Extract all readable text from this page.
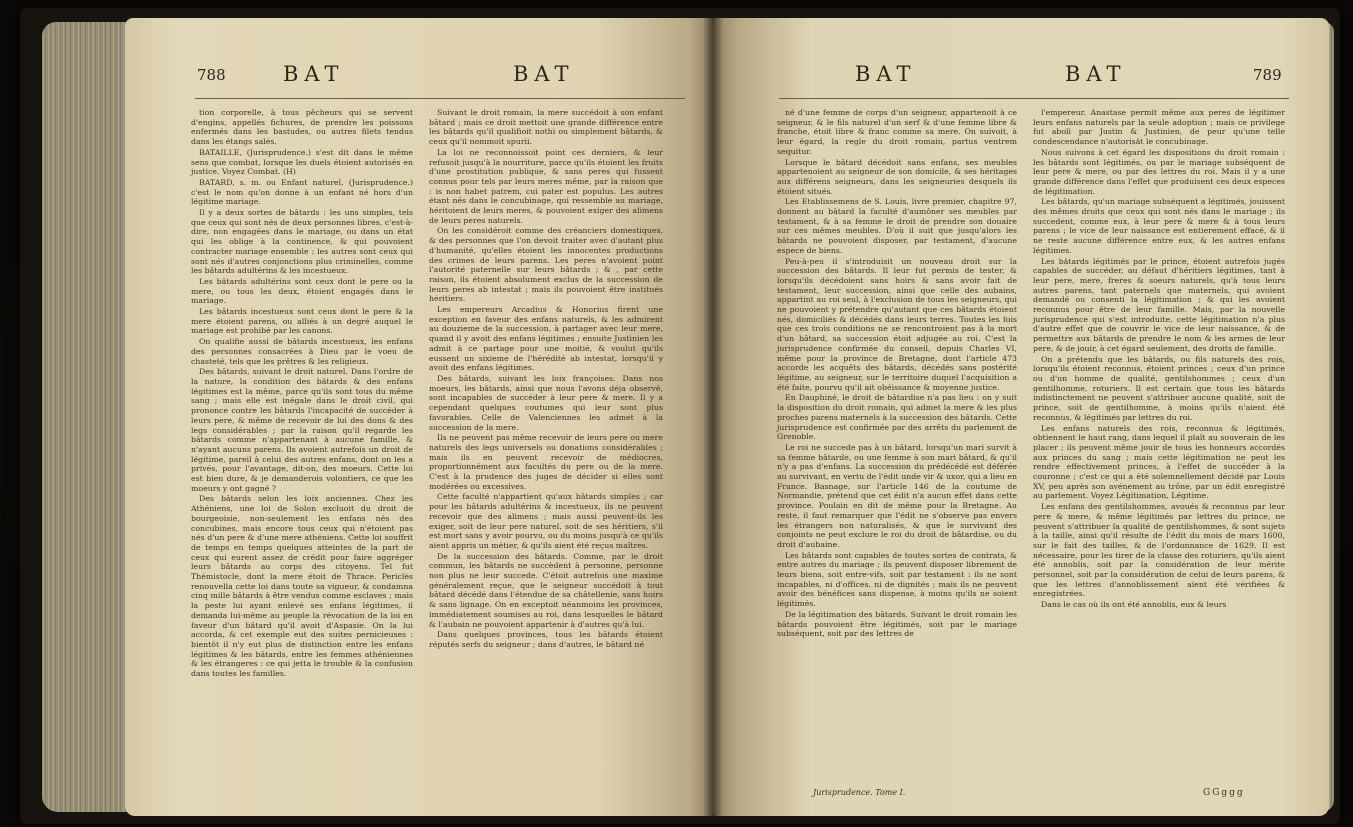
788	BAT	BAT

tion corporelle, à tous pêcheurs qui se servent d'engins, appellés fichures, de prendre les poissons enfermés dans les bastudes, ou autres filets tendus dans les étangs salés.

BATAILLE, (Jurisprudence.) s'est dit dans le même sens que combat, lorsque les duels étoient autorisés en justice. Voyez Combat. (H)

BATARD, s. m. ou Enfant naturel, (Jurisprudence.) c'est le nom qu'on donne à un enfant né hors d'un légitime mariage.

Il y a deux sortes de bâtards : les uns simples, tels que ceux qui sont nés de deux personnes libres, c'est-à-dire, non engagées dans le mariage, ou dans un état qui les oblige à la continence, & qui pouvoient contracter mariage ensemble : les autres sont ceux qui sont nés d'autres conjonctions plus criminelles, comme les bâtards adultérins & les incestueux.

Les bâtards adultérins sont ceux dont le pere ou la mere, ou tous les deux, étoient engagés dans le mariage.

Les bâtards incestueux sont ceux dont le pere & la mere étoient parens, ou alliés à un degré auquel le mariage est prohibé par les canons.

On qualifie aussi de bâtards incestueux, les enfans des personnes consacrées à Dieu par le voeu de chasteté, tels que les prêtres & les religieux.

Des bâtards, suivant le droit naturel. Dans l'ordre de la nature, la condition des bâtards & des enfans légitimes est la même, parce qu'ils sont tous du même sang ; mais elle est inégale dans le droit civil, qui prononce contre les bâtards l'incapacité de succéder à leurs pere, & même de recevoir de lui des dons & des legs considérables ; par la raison qu'il regarde les bâtards comme n'appartenant à aucune famille, & n'ayant aucuns parens. Ils avoient autrefois un droit de légitime, pareil à celui des autres enfans, dont on les a privés, pour l'avantage, dit-on, des moeurs. Cette loi est bien dure, & je demanderois volontiers, ce que les moeurs y ont gagné ?

Des bâtards selon les loix anciennes. Chez les Athéniens, une loi de Solon excluoit du droit de bourgeoisie, non-seulement les enfans nés des concubines, mais encore tous ceux qui n'étoient pas nés d'un pere & d'une mere athéniens. Cette loi souffrit de temps en temps quelques atteintes de la part de ceux qui eurent assez de crédit pour faire aggréger leurs bâtards au corps des citoyens. Tel fut Thémistocle, dont la mere étoit de Thrace. Periclès renouvella cette loi dans toute sa vigueur, & condamna cinq mille bâtards à être vendus comme esclaves ; mais la peste lui ayant enlevé ses enfans légitimes, il demanda lui-même au peuple la révocation de la loi en faveur d'un bâtard qu'il avoit d'Aspasie. On la lui accorda, & cet exemple eut des suites pernicieuses : bientôt il n'y eut plus de distinction entre les enfans légitimes & les bâtards, entre les femmes athéniennes & les étrangeres : ce qui jetta le trouble & la confusion dans toutes les familles.

Suivant le droit romain, la mere succédoit à son enfant bâtard ; mais ce droit mettoit une grande différence entre les bâtards qu'il qualifioit nothi ou simplement bâtards, & ceux qu'il nommoit spurii.

La loi ne reconnoissoit point ces derniers, & leur refusoit jusqu'à la nourriture, parce qu'ils étoient les fruits d'une prostitution publique, & sans peres qui fussent connus pour tels par leurs meres même, par la raison que : is non habet patrem, cui pater est populus. Les autres étant nés dans le concubinage, qui ressemble au mariage, héritoient de leurs meres, & pouvoient exiger des alimens de leurs peres naturels.

On les considéroit comme des créanciers domestiques, & des personnes que l'on devoit traiter avec d'autant plus d'humanité, qu'elles étoient les innocentes productions des crimes de leurs parens. Les peres n'avoient point l'autorité paternelle sur leurs bâtards ; & , par cette raison, ils étoient absolument exclus de la succession de leurs peres ab intestat ; mais ils pouvoient être institués héritiers.

Les empereurs Arcadius & Honorius firent une exception en faveur des enfans naturels, & les admirent au douzieme de la succession, à partager avec leur mere, quand il y avoit des enfans légitimes ; ensuite Justinien les admit à ce partage pour une moitié, & voulut qu'ils eussent un sixieme de l'hérédité ab intestat, lorsqu'il y avoit des enfans légitimes.

Des bâtards, suivant les loix françoises. Dans nos moeurs, les bâtards, ainsi que nous l'avons déja observé, sont incapables de succéder à leur pere & mere. Il y a cependant quelques coutumes qui leur sont plus favorables. Celle de Valenciennes les admet à la succession de la mere.

Ils ne peuvent pas même recevoir de leurs pere ou mere naturels des legs universels ou donations considérables ; mais ils en peuvent recevoir de médiocres, proportionnément aux facultés du pere ou de la mere. C'est à la prudence des juges de décider si elles sont modérées ou excessives.

Cette faculté n'appartient qu'aux bâtards simples ; car pour les bâtards adultérins & incestueux, ils ne peuvent recevoir que des alimens ; mais aussi peuvent-ils les exiger, soit de leur pere naturel, soit de ses héritiers, s'il est mort sans y avoir pourvu, ou du moins jusqu'à ce qu'ils aient appris un métier, & qu'ils aient été reçus maîtres.

De la succession des bâtards. Comme, par le droit commun, les bâtards ne succèdent à personne, personne non plus ne leur succede. C'étoit autrefois une maxime généralement reçue, que le seigneur succédoit à tout bâtard décédé dans l'étendue de sa châtellenie, sans hoirs & sans lignage. On en exceptoit néanmoins les provinces, immédiatement soumises au roi, dans lesquelles le bâtard & l'aubain ne pouvoient appartenir à d'autres qu'à lui.

Dans quelques provinces, tous les bâtards étoient réputés serfs du seigneur ; dans d'autres, le bâtard né

BAT	BAT	789

né d'une femme de corps d'un seigneur, appartenoit à ce seigneur, & le fils naturel d'un serf & d'une femme libre & franche, étoit libre & franc comme sa mere. On suivoit, à leur égard, la regle du droit romain, partus ventrem sequitur.

Lorsque le bâtard décédoit sans enfans, ses meubles appartenoient au seigneur de son domicile, & ses héritages aux différens seigneurs, dans les seigneuries desquels ils étoient situés.

Les Etablissemens de S. Louis, livre premier, chapitre 97, donnent au bâtard la faculté d'aumôner ses meubles par testament, & à sa femme le droit de prendre son douaire sur ces mêmes meubles. D'où il suit que jusqu'alors les bâtards ne pouvoient disposer, par testament, d'aucune espece de biens.

Peu-à-peu il s'introduisit un nouveau droit sur la succession des bâtards. Il leur fut permis de tester, & lorsqu'ils décédoient sans hoirs & sans avoir fait de testament, leur succession, ainsi que celle des aubains, appartint au roi seul, à l'exclusion de tous les seigneurs, qui ne pouvoient y prétendre qu'autant que ces bâtards étoient nés, domiciliés & décédés dans leurs terres. Toutes les fois que ces trois conditions ne se rencontroient pas à la mort d'un bâtard, sa succession étoit adjugée au roi. C'est la jurisprudence confirmée du conseil, depuis Charles VI, même pour la province de Bretagne, dont l'article 473 accorde les acquêts des bâtards, décédés sans postérité légitime, au seigneur, sur le territoire duquel l'acquisition a été faite, pourvu qu'il ait obéissance & moyenne justice.

En Dauphiné, le droit de bâtardise n'a pas lieu : on y suit la disposition du droit romain, qui admet la mere & les plus proches parens maternels à la succession des bâtards. Cette jurisprudence est confirmée par des arrêts du parlement de Grenoble.

Le roi ne succede pas à un bâtard, lorsqu'un mari survit à sa femme bâtarde, ou une femme à son mari bâtard, & qu'il n'y a pas d'enfans. La succession du prédécédé est déférée au survivant, en vertu de l'édit unde vir & uxor, qui a lieu en France. Basnage, sur l'article 146 de la coutume de Normandie, prétend que cet édit n'a aucun effet dans cette province. Poulain en dit de même pour la Bretagne. Au reste, il faut remarquer que l'édit ne s'observe pas envers les étrangers non naturalisés, & que le survivant des conjoints ne peut exclure le roi du droit de bâtardise, ou du droit d'aubaine.

Les bâtards sont capables de toutes sortes de contrats, & entre autres du mariage ; ils peuvent disposer librement de leurs biens, soit entre-vifs, soit par testament : ils ne sont incapables, ni d'offices, ni de dignités ; mais ils ne peuvent avoir des bénéfices sans dispense, à moins qu'ils ne soient légitimés.

De la légitimation des bâtards. Suivant le droit romain les bâtards pouvoient être légitimés, soit par le mariage subséquent, soit par des lettres de

l'empereur. Anastase permit même aux peres de légitimer leurs enfans naturels par la seule adoption ; mais ce privilege fut aboli par Justin & Justinien, de peur qu'une telle condescendance n'autorisât le concubinage.

Nous suivons à cet égard les dispositions du droit romain : les bâtards sont légitimés, ou par le mariage subséquent de leur pere & mere, ou par des lettres du roi. Mais il y a une grande différence dans l'effet que produisent ces deux especes de légitimation.

Les bâtards, qu'un mariage subséquent a légitimés, jouissent des mêmes droits que ceux qui sont nés dans le mariage ; ils succedent, comme eux, à leur pere & mere & à tous leurs parens ; le vice de leur naissance est entierement effacé, & il ne reste aucune différence entre eux, & les autres enfans légitimes.

Les bâtards légitimés par le prince, étoient autrefois jugés capables de succéder, au défaut d'héritiers légitimes, tant à leur pere, mere, freres & soeurs naturels, qu'à tous leurs autres parens, tant paternels que maternels, qui avoient demandé ou consenti la légitimation ; & qui les avoient reconnus pour être de leur famille. Mais, par la nouvelle jurisprudence qui s'est introduite, cette légitimation n'a plus d'autre effet que de couvrir le vice de leur naissance, & de permettre aux bâtards de prendre le nom & les armes de leur pere, & de jouir, à cet égard seulement, des droits de famille.

On a prétendu que les bâtards, ou fils naturels des rois, lorsqu'ils étoient reconnus, étoient princes ; ceux d'un prince ou d'un homme de qualité, gentilshommes ; ceux d'un gentilhomme, roturiers. Il est certain que tous les bâtards indistinctement ne peuvent s'attribuer aucune qualité, soit de prince, soit de gentilhomme, à moins qu'ils n'aient été reconnus, & légitimés par lettres du roi.

Les enfans naturels des rois, reconnus & légitimés, obtiennent le haut rang, dans lequel il plaît au souverain de les placer ; ils peuvent même jouir de tous les honneurs accordés aux princes du sang ; mais cette légitimation ne peut les rendre effectivement princes, à l'effet de succéder à la couronne ; c'est ce qui a été solemnellement décidé par Louis XV, peu après son avénement au trône, par un édit enregistré au parlement. Voyez Légitimation, Légitime.

Les enfans des gentilshommes, avoués & reconnus par leur pere & mere, & même légitimés par lettres du prince, ne peuvent s'attribuer la qualité de gentilshommes, & sont sujets à la taille, ainsi qu'il résulte de l'édit du mois de mars 1600, sur le fait des tailles, & de l'ordonnance de 1629. Il est nécessaire, pour les tirer de la classe des roturiers, qu'ils aient été annoblis, soit par la considération de leur mérite personnel, soit par la considération de celui de leurs parens, & que les lettres d'annoblissement aient été vérifiées & enregistrées.

Dans le cas où ils ont été annoblis, eux & leurs

Jurisprudence. Tome I.	GGggg
